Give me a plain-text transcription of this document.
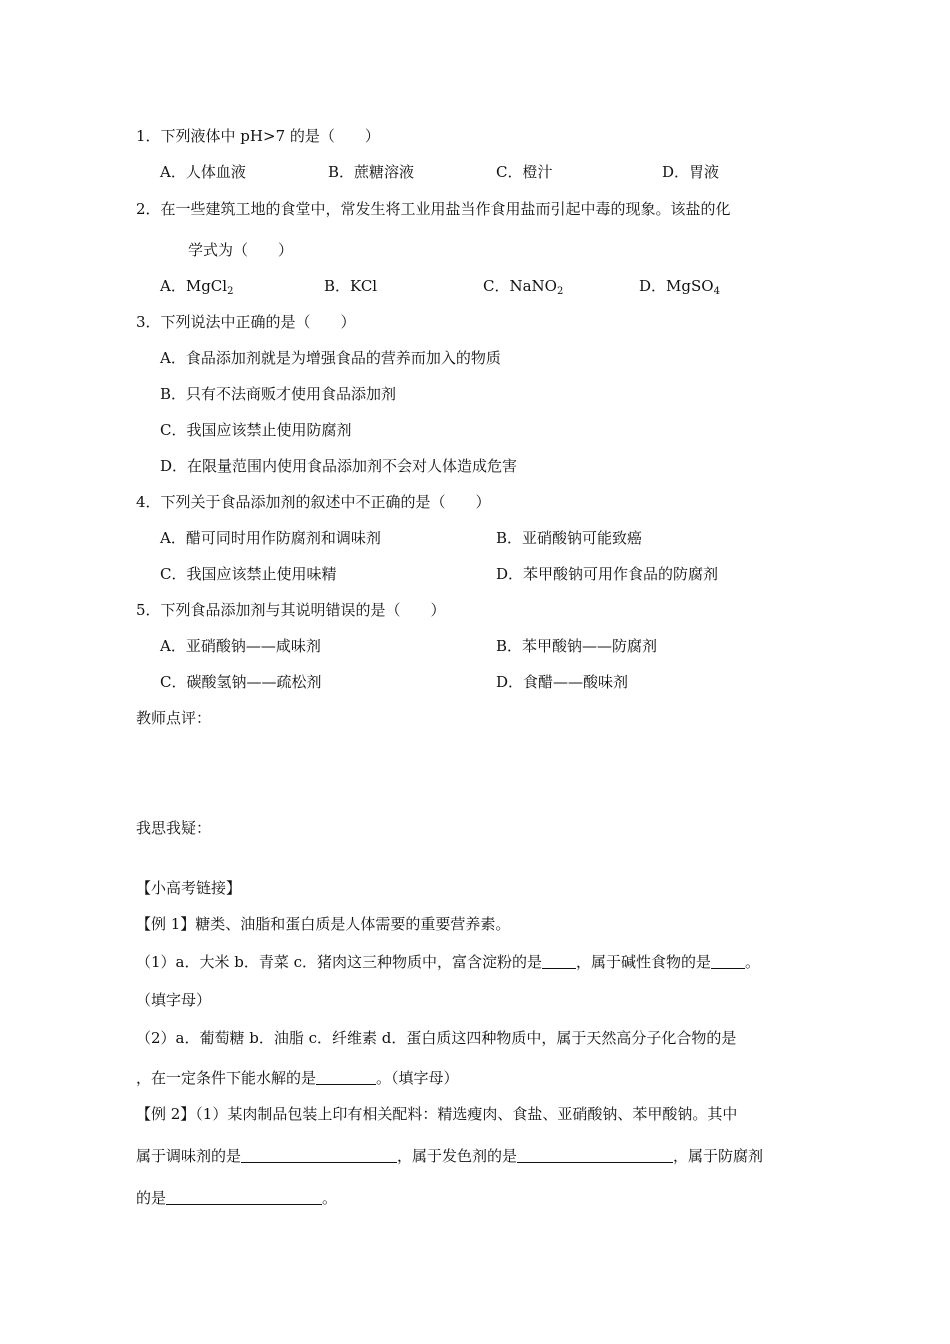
1．下列液体中 pH>7 的是（　　）
A．人体血液	B．蔗糖溶液	C．橙汁	D．胃液
2．在一些建筑工地的食堂中，常发生将工业用盐当作食用盐而引起中毒的现象。该盐的化
学式为（　　）
A．MgCl$_2$	B．KCl	C．NaNO$_2$	D．MgSO$_4$
3．下列说法中正确的是（　　）
A．食品添加剂就是为增强食品的营养而加入的物质
B．只有不法商贩才使用食品添加剂
C．我国应该禁止使用防腐剂
D．在限量范围内使用食品添加剂不会对人体造成危害
4．下列关于食品添加剂的叙述中不正确的是（　　）
A．醋可同时用作防腐剂和调味剂	B．亚硝酸钠可能致癌
C．我国应该禁止使用味精	D．苯甲酸钠可用作食品的防腐剂
5．下列食品添加剂与其说明错误的是（　　）
A．亚硝酸钠——咸味剂	B．苯甲酸钠——防腐剂
C．碳酸氢钠——疏松剂	D．食醋——酸味剂
教师点评：
我思我疑：
【小高考链接】
【例 1】糖类、油脂和蛋白质是人体需要的重要营养素。
（1）a．大米 b．青菜 c．猪肉这三种物质中，富含淀粉的是 ，属于碱性食物的是 。
（填字母）
（2）a．葡萄糖 b．油脂 c．纤维素 d．蛋白质这四种物质中，属于天然高分子化合物的是
，在一定条件下能水解的是	。（填字母）
【例 2】（1）某肉制品包装上印有相关配料：精选瘦肉、食盐、亚硝酸钠、苯甲酸钠。其中
属于调味剂的是	，属于发色剂的是	，属于防腐剂
的是	。
